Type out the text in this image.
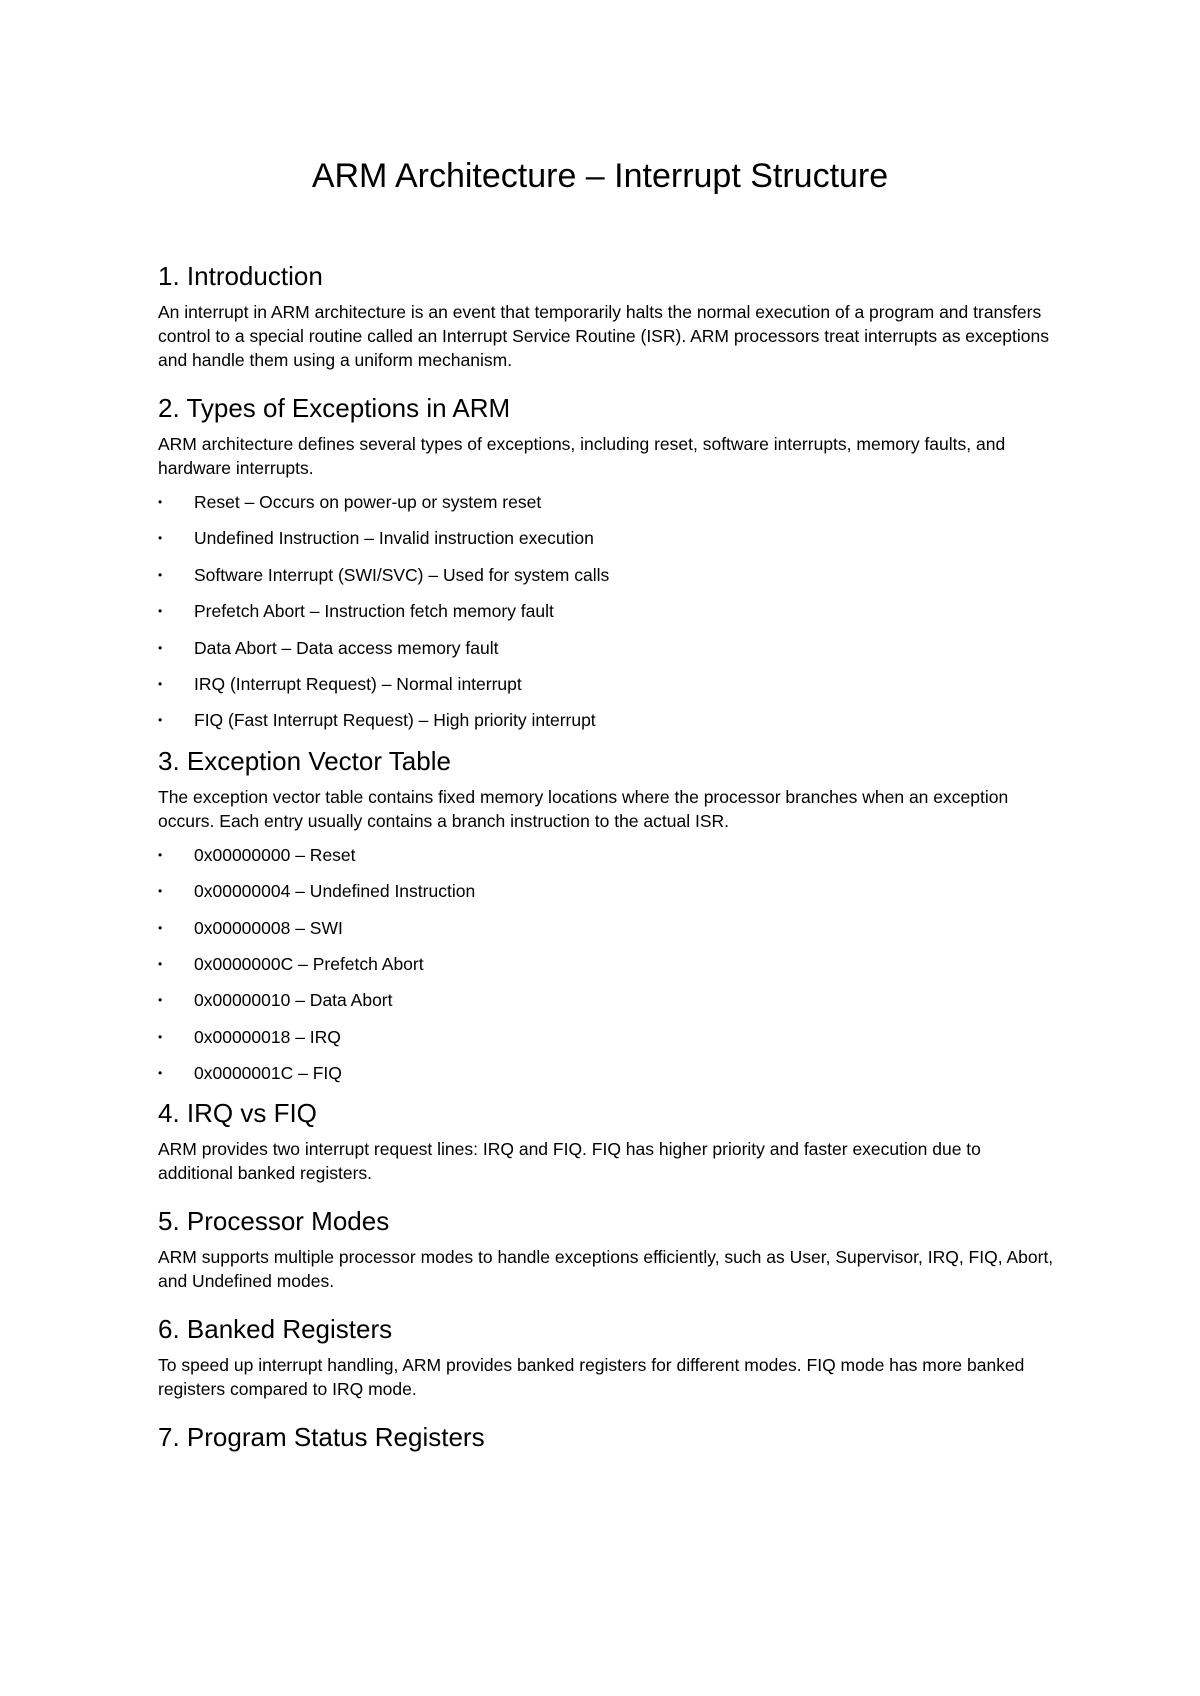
ARM Architecture – Interrupt Structure
1. Introduction

An interrupt in ARM architecture is an event that temporarily halts the normal execution of a program and transfers control to a special routine called an Interrupt Service Routine (ISR). ARM processors treat interrupts as exceptions and handle them using a uniform mechanism.

2. Types of Exceptions in ARM

ARM architecture defines several types of exceptions, including reset, software interrupts, memory faults, and hardware interrupts.

•	Reset – Occurs on power-up or system reset
•	Undefined Instruction – Invalid instruction execution
•	Software Interrupt (SWI/SVC) – Used for system calls
•	Prefetch Abort – Instruction fetch memory fault
•	Data Abort – Data access memory fault
•	IRQ (Interrupt Request) – Normal interrupt
•	FIQ (Fast Interrupt Request) – High priority interrupt
3. Exception Vector Table

The exception vector table contains fixed memory locations where the processor branches when an exception occurs. Each entry usually contains a branch instruction to the actual ISR.

•	0x00000000 – Reset
•	0x00000004 – Undefined Instruction
•	0x00000008 – SWI
•	0x0000000C – Prefetch Abort
•	0x00000010 – Data Abort
•	0x00000018 – IRQ
•	0x0000001C – FIQ
4. IRQ vs FIQ

ARM provides two interrupt request lines: IRQ and FIQ. FIQ has higher priority and faster execution due to additional banked registers.

5. Processor Modes

ARM supports multiple processor modes to handle exceptions efficiently, such as User, Supervisor, IRQ, FIQ, Abort, and Undefined modes.

6. Banked Registers

To speed up interrupt handling, ARM provides banked registers for different modes. FIQ mode has more banked registers compared to IRQ mode.

7. Program Status Registers
